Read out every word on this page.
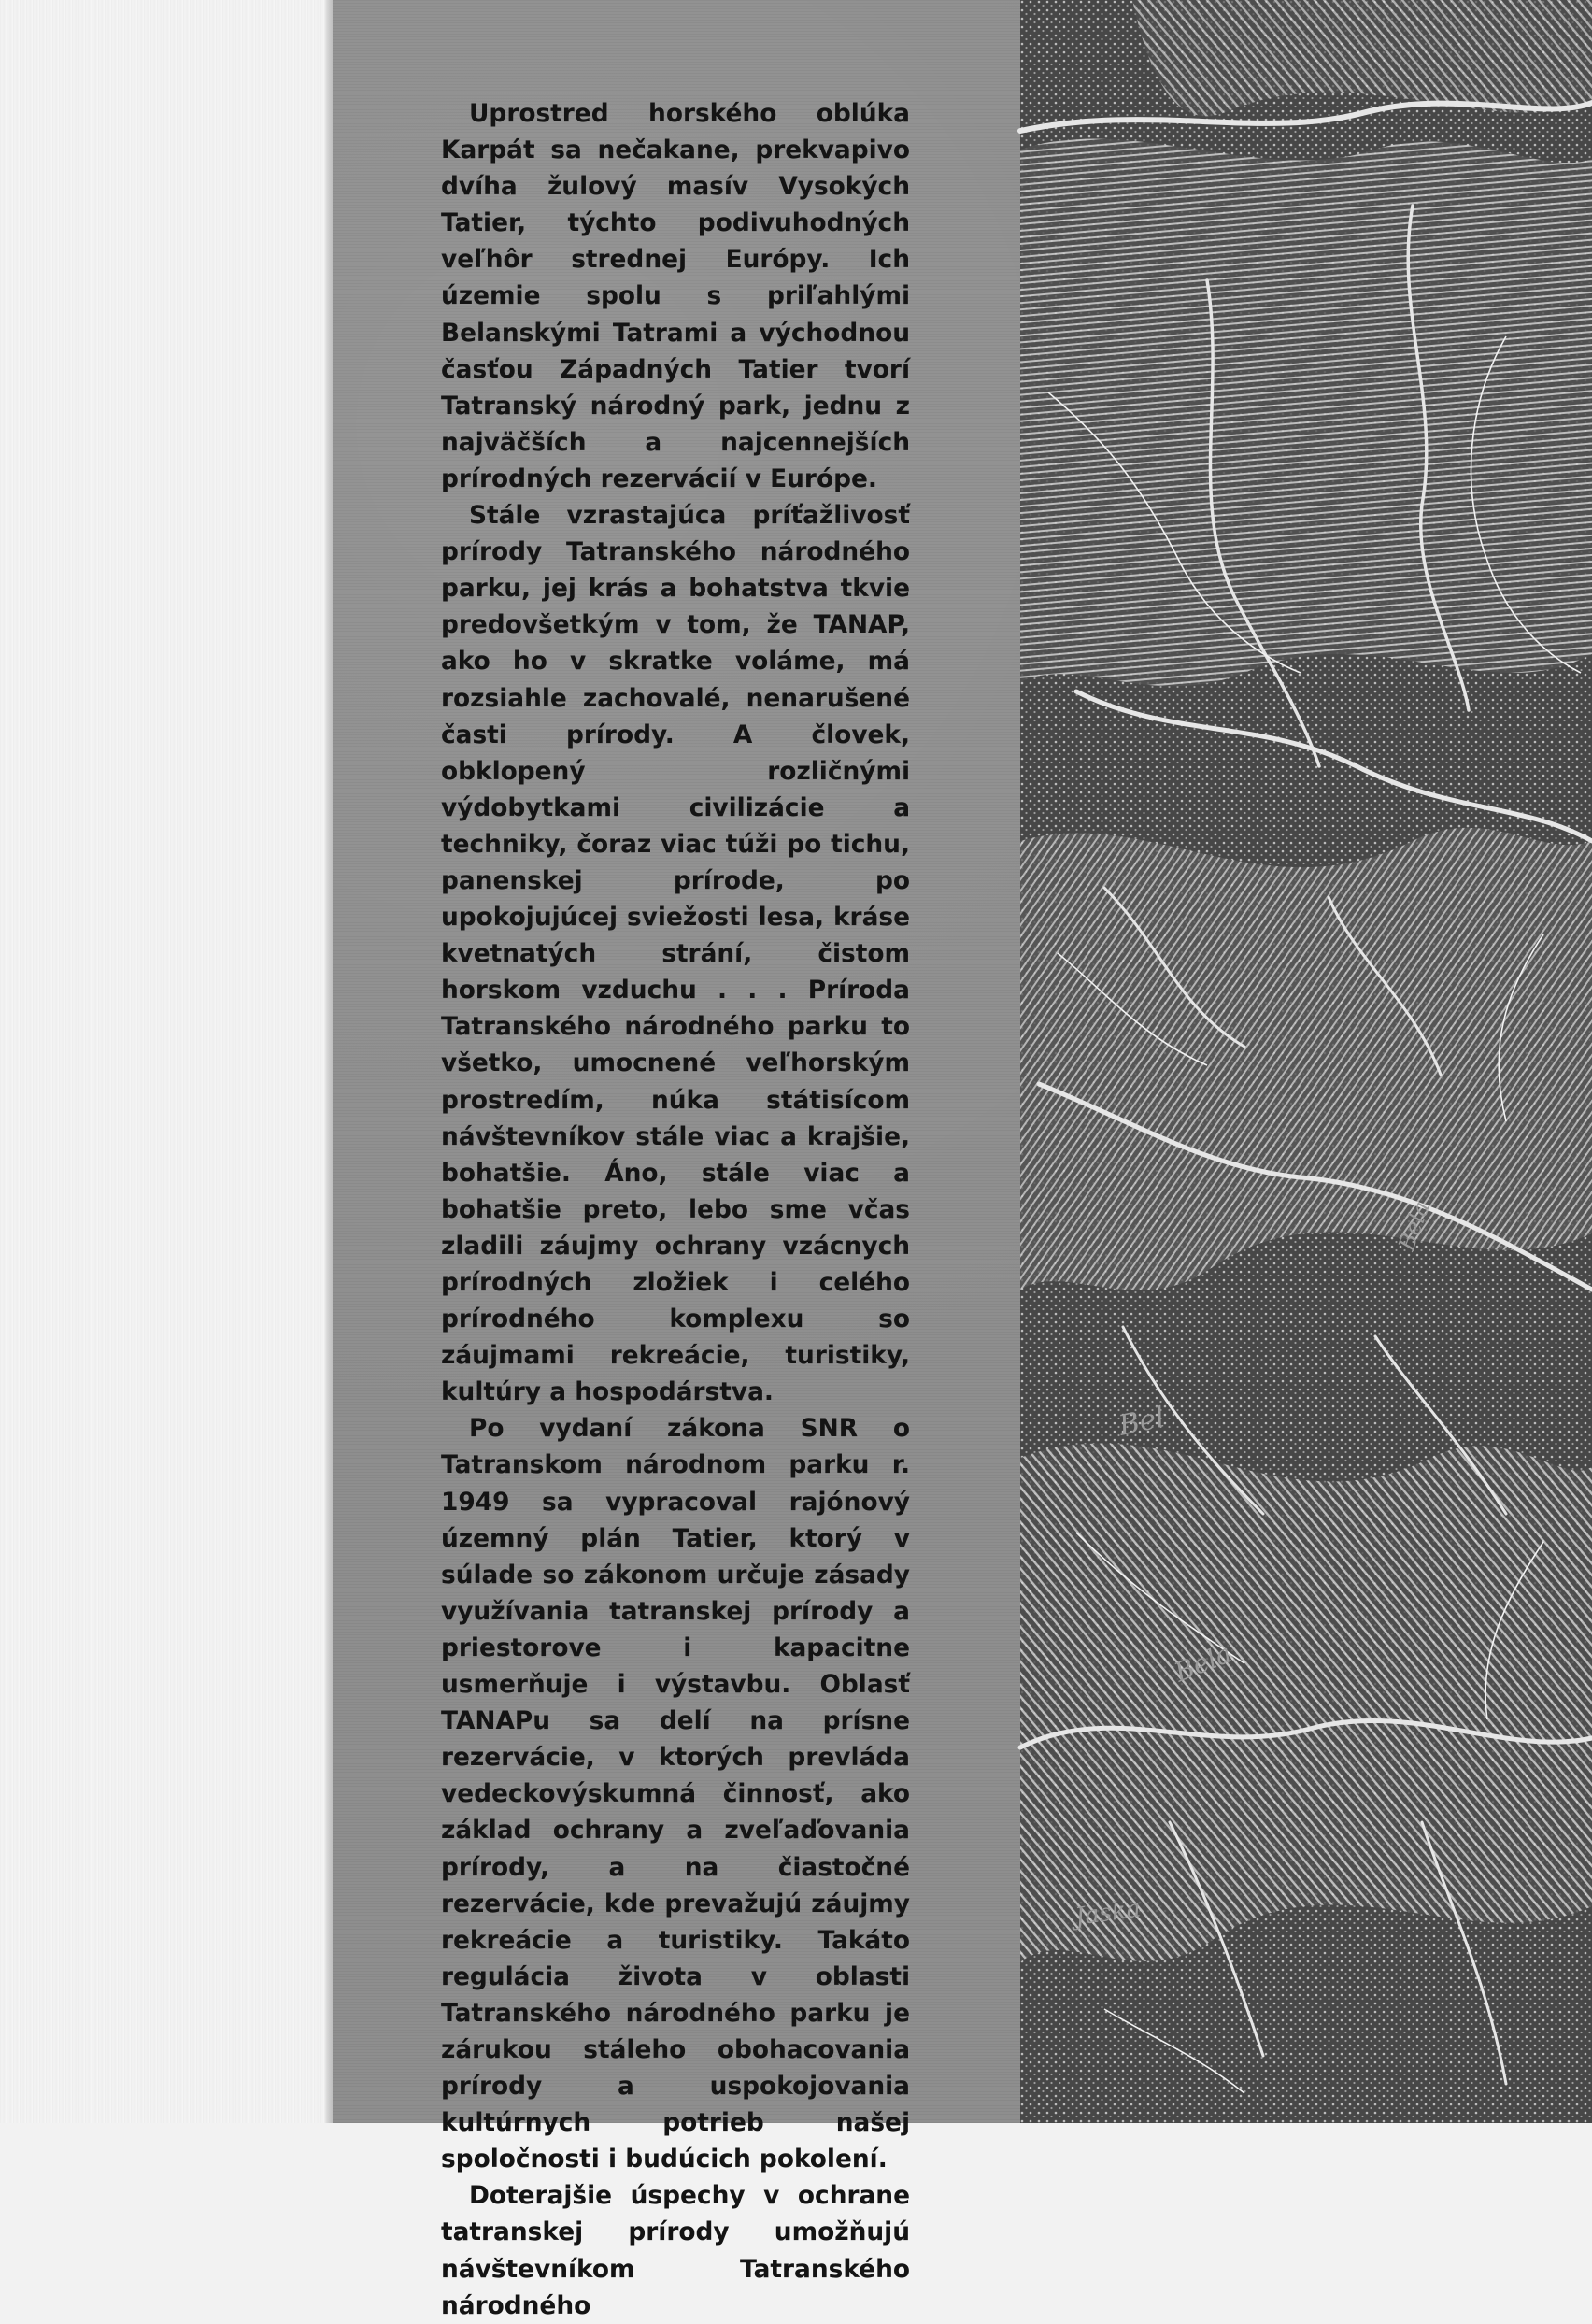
Uprostred horského oblúka Karpát sa nečakane, prekvapivo dvíha žulový masív Vysokých Tatier, týchto podivuhodných veľhôr strednej Európy. Ich územie spolu s priľahlými Belanskými Tatrami a východnou časťou Západných Tatier tvorí Tatranský národný park, jednu z najväčších a najcennejších prírodných rezervácií v Európe.

Stále vzrastajúca príťažlivosť prírody Tatranského národného parku, jej krás a bohatstva tkvie predovšetkým v tom, že TANAP, ako ho v skratke voláme, má rozsiahle zachovalé, nenarušené časti prírody. A človek, obklopený rozličnými výdobytkami civilizácie a techniky, čoraz viac túži po tichu, panenskej prírode, po upokojujúcej sviežosti lesa, kráse kvetnatých strání, čistom horskom vzduchu . . . Príroda Tatranského národného parku to všetko, umocnené veľhorským prostredím, núka státisícom návštevníkov stále viac a krajšie, bohatšie. Áno, stále viac a bohatšie preto, lebo sme včas zladili záujmy ochrany vzácnych prírodných zložiek i celého prírodného komplexu so záujmami rekreácie, turistiky, kultúry a hospodárstva.

Po vydaní zákona SNR o Tatranskom národnom parku r. 1949 sa vypracoval rajónový územný plán Tatier, ktorý v súlade so zákonom určuje zásady využívania tatranskej prírody a priestorove i kapacitne usmerňuje i výstavbu. Oblasť TANAPu sa delí na prísne rezervácie, v ktorých prevláda vedeckovýskumná činnosť, ako základ ochrany a zveľaďovania prírody, a na čiastočné rezervácie, kde prevažujú záujmy rekreácie a turistiky. Takáto regulácia života v oblasti Tatranského národného parku je zárukou stáleho obohacovania prírody a uspokojovania kultúrnych potrieb našej spoločnosti i budúcich pokolení.

Doterajšie úspechy v ochrane tatranskej prírody umožňujú návštevníkom Tatranského národného

Bel
Bela
Bela
Jaska
